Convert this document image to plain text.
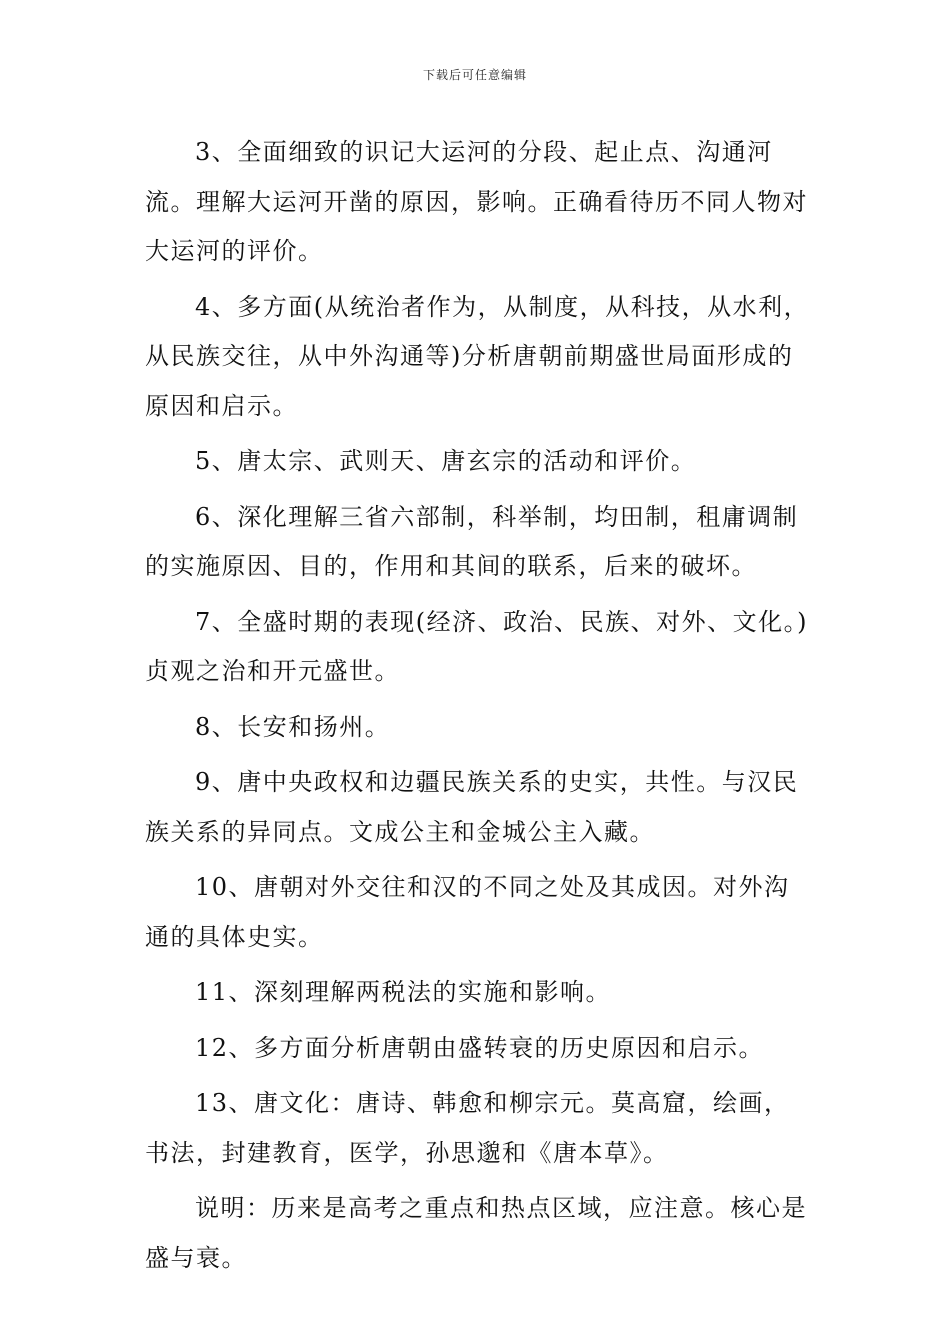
下载后可任意编辑

3、全面细致的识记大运河的分段、起止点、沟通河流。理解大运河开凿的原因，影响。正确看待历不同人物对大运河的评价。

4、多方面(从统治者作为，从制度，从科技，从水利，从民族交往，从中外沟通等)分析唐朝前期盛世局面形成的原因和启示。

5、唐太宗、武则天、唐玄宗的活动和评价。

6、深化理解三省六部制，科举制，均田制，租庸调制的实施原因、目的，作用和其间的联系，后来的破坏。

7、全盛时期的表现(经济、政治、民族、对外、文化。)贞观之治和开元盛世。

8、长安和扬州。

9、唐中央政权和边疆民族关系的史实，共性。与汉民族关系的异同点。文成公主和金城公主入藏。

10、唐朝对外交往和汉的不同之处及其成因。对外沟通的具体史实。

11、深刻理解两税法的实施和影响。

12、多方面分析唐朝由盛转衰的历史原因和启示。

13、唐文化：唐诗、韩愈和柳宗元。莫高窟，绘画，书法，封建教育，医学，孙思邈和《唐本草》。

说明：历来是高考之重点和热点区域，应注意。核心是盛与衰。
